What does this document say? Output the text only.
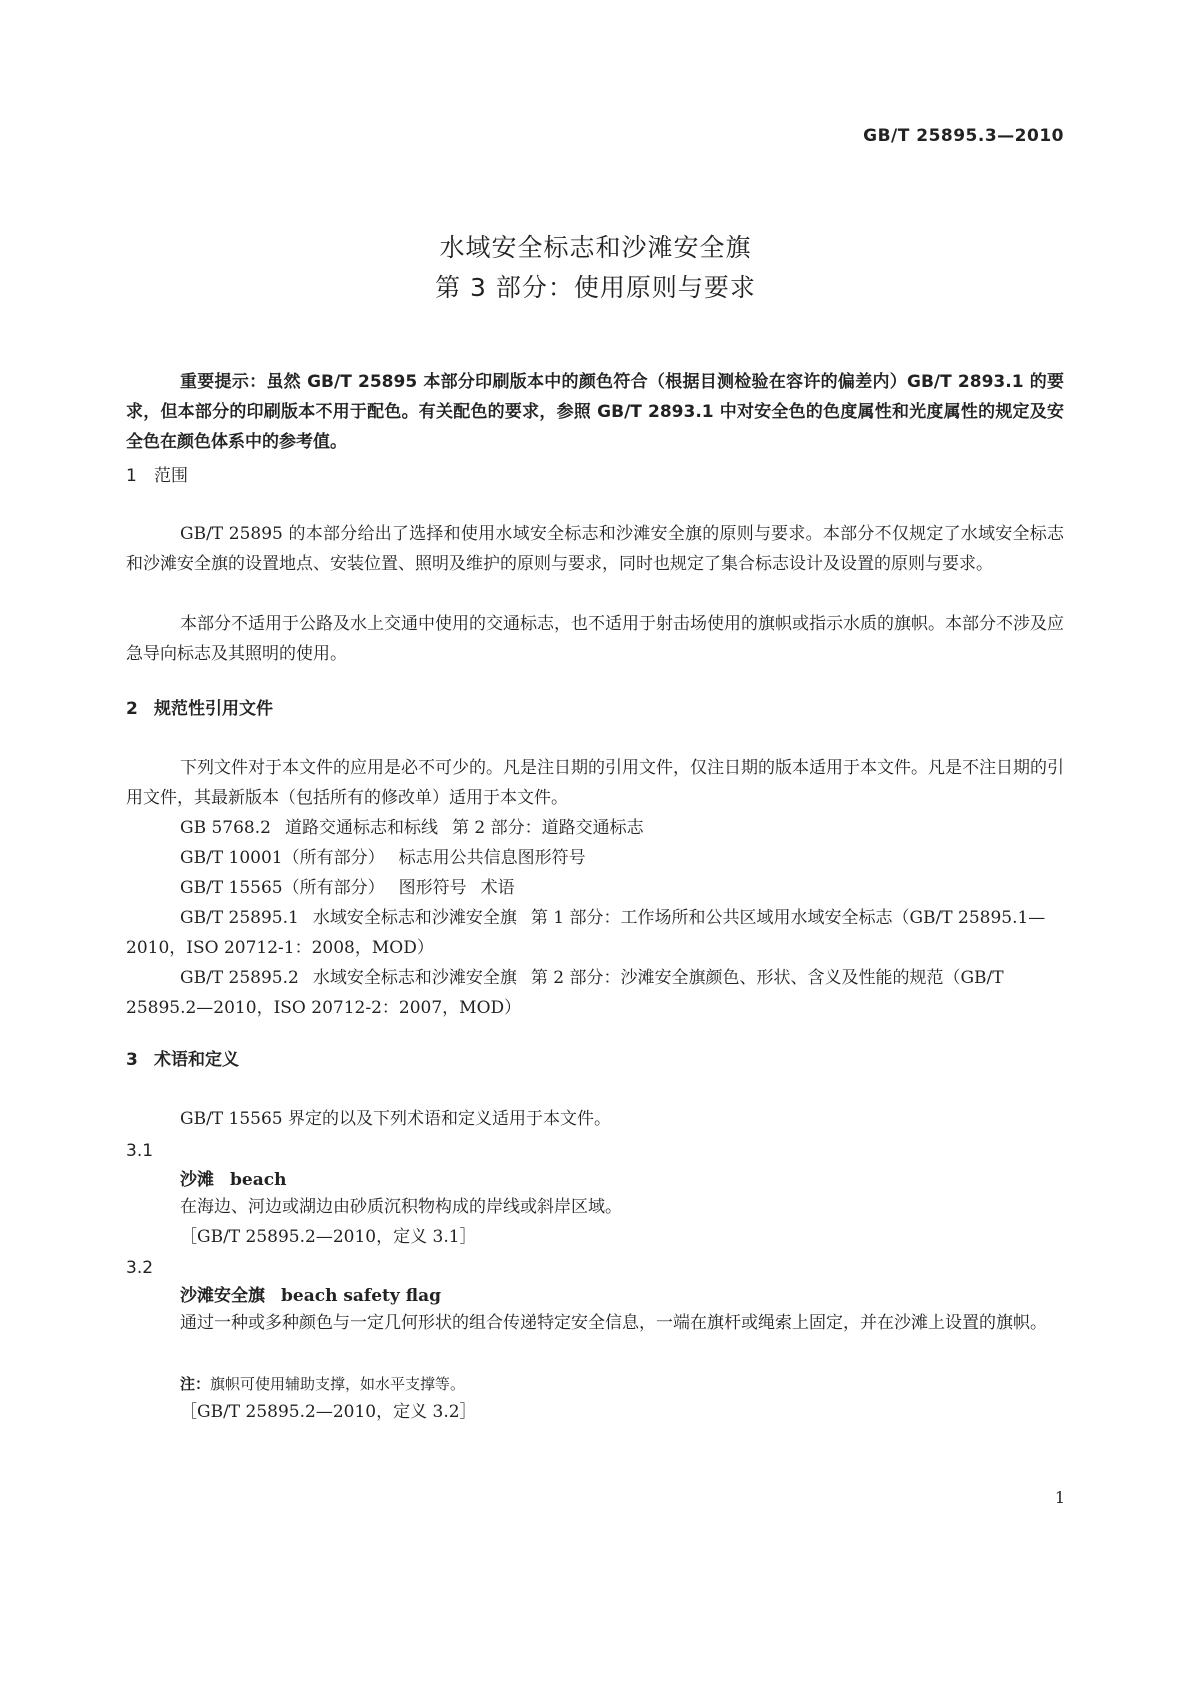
GB/T 25895.3—2010
水域安全标志和沙滩安全旗
第 3 部分：使用原则与要求
重要提示：虽然 GB/T 25895 本部分印刷版本中的颜色符合（根据目测检验在容许的偏差内）GB/T 2893.1 的要求，但本部分的印刷版本不用于配色。有关配色的要求，参照 GB/T 2893.1 中对安全色的色度属性和光度属性的规定及安全色在颜色体系中的参考值。
1 范围
GB/T 25895 的本部分给出了选择和使用水域安全标志和沙滩安全旗的原则与要求。本部分不仅规定了水域安全标志和沙滩安全旗的设置地点、安装位置、照明及维护的原则与要求，同时也规定了集合标志设计及设置的原则与要求。
本部分不适用于公路及水上交通中使用的交通标志，也不适用于射击场使用的旗帜或指示水质的旗帜。本部分不涉及应急导向标志及其照明的使用。
2 规范性引用文件
下列文件对于本文件的应用是必不可少的。凡是注日期的引用文件，仅注日期的版本适用于本文件。凡是不注日期的引用文件，其最新版本（包括所有的修改单）适用于本文件。
GB 5768.2 道路交通标志和标线 第 2 部分：道路交通标志
GB/T 10001（所有部分） 标志用公共信息图形符号
GB/T 15565（所有部分） 图形符号 术语
GB/T 25895.1 水域安全标志和沙滩安全旗 第 1 部分：工作场所和公共区域用水域安全标志（GB/T 25895.1—2010，ISO 20712-1：2008，MOD）
GB/T 25895.2 水域安全标志和沙滩安全旗 第 2 部分：沙滩安全旗颜色、形状、含义及性能的规范（GB/T 25895.2—2010，ISO 20712-2：2007，MOD）
3 术语和定义
GB/T 15565 界定的以及下列术语和定义适用于本文件。
3.1
沙滩 beach
在海边、河边或湖边由砂质沉积物构成的岸线或斜岸区域。
［GB/T 25895.2—2010，定义 3.1］
3.2
沙滩安全旗 beach safety flag
通过一种或多种颜色与一定几何形状的组合传递特定安全信息，一端在旗杆或绳索上固定，并在沙滩上设置的旗帜。
注：旗帜可使用辅助支撑，如水平支撑等。
［GB/T 25895.2—2010，定义 3.2］
1
